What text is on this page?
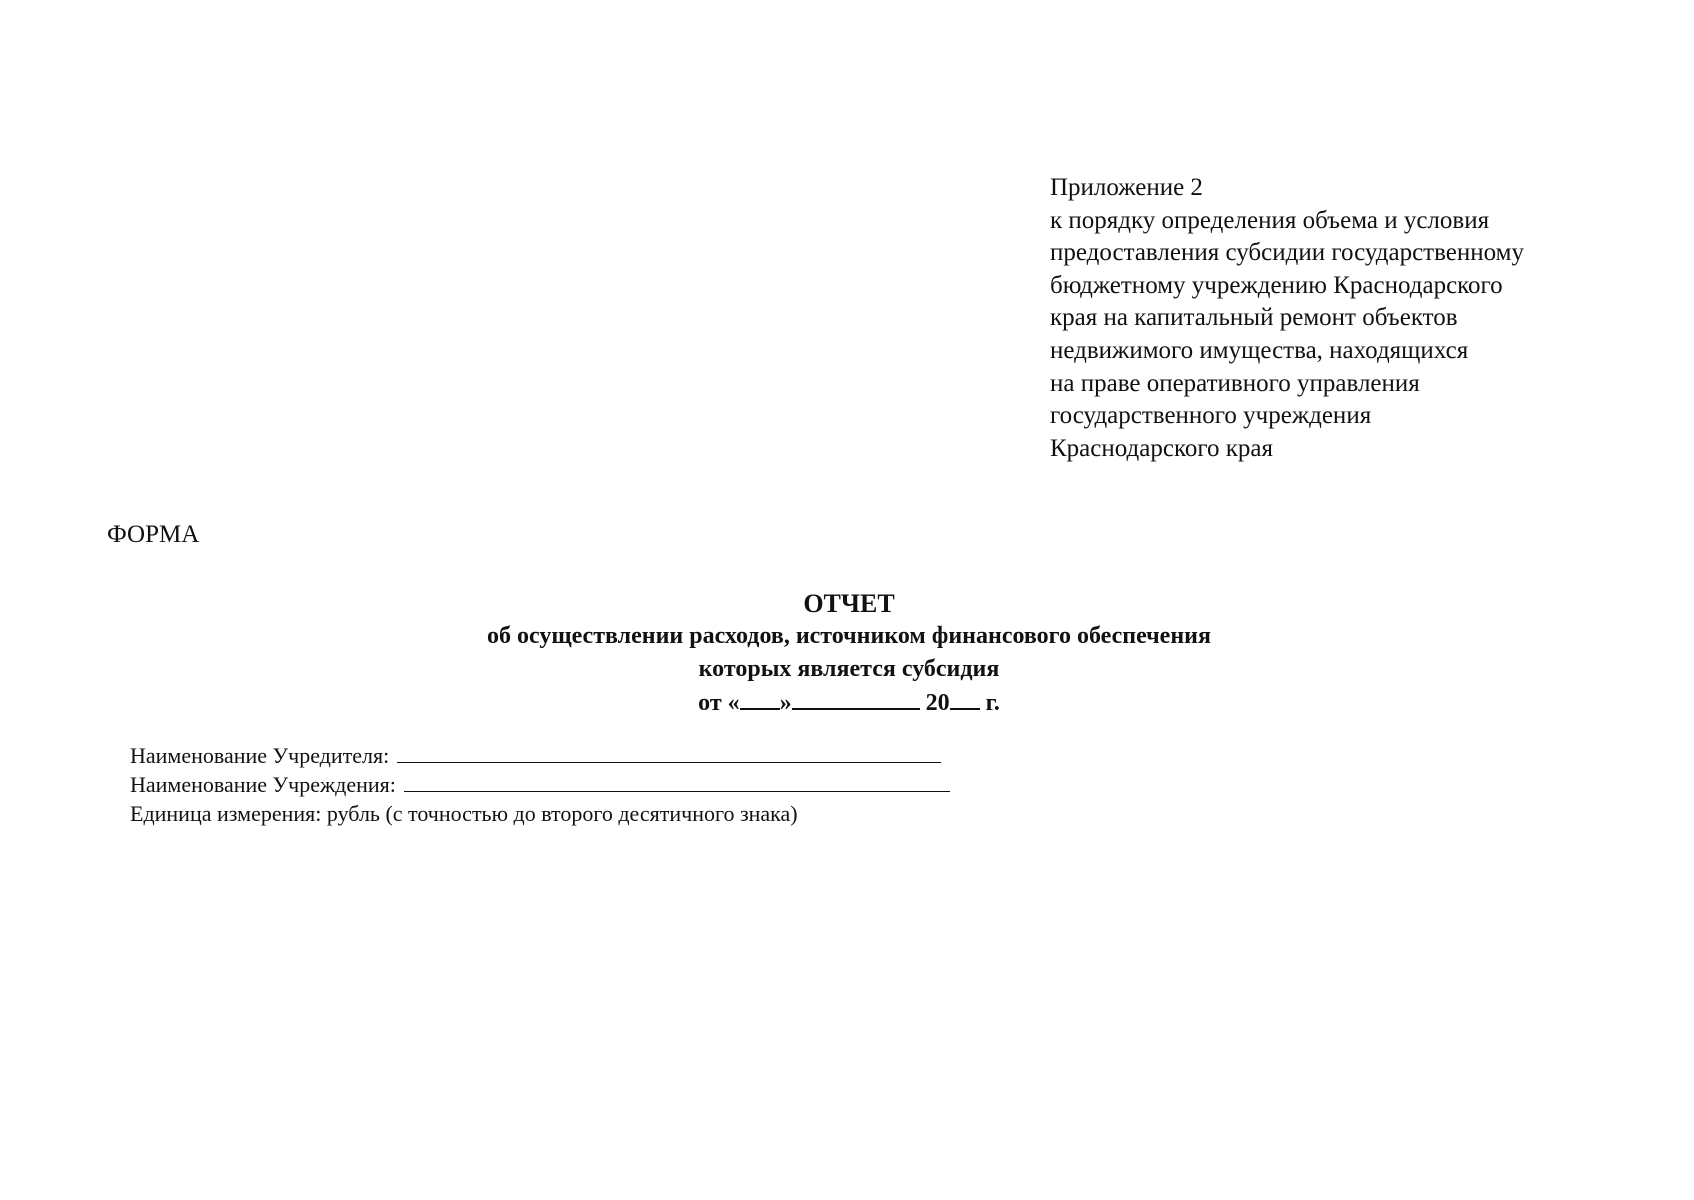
Приложение 2
к порядку определения объема и условия
предоставления субсидии государственному
бюджетному учреждению Краснодарского
края на капитальный ремонт объектов
недвижимого имущества, находящихся
на праве оперативного управления
государственного учреждения
Краснодарского края
ФОРМА
ОТЧЕТ
об осуществлении расходов, источником финансового обеспечения
которых является субсидия
от « »	20 г.
Наименование Учредителя:
Наименование Учреждения:
Единица измерения: рубль (с точностью до второго десятичного знака)
